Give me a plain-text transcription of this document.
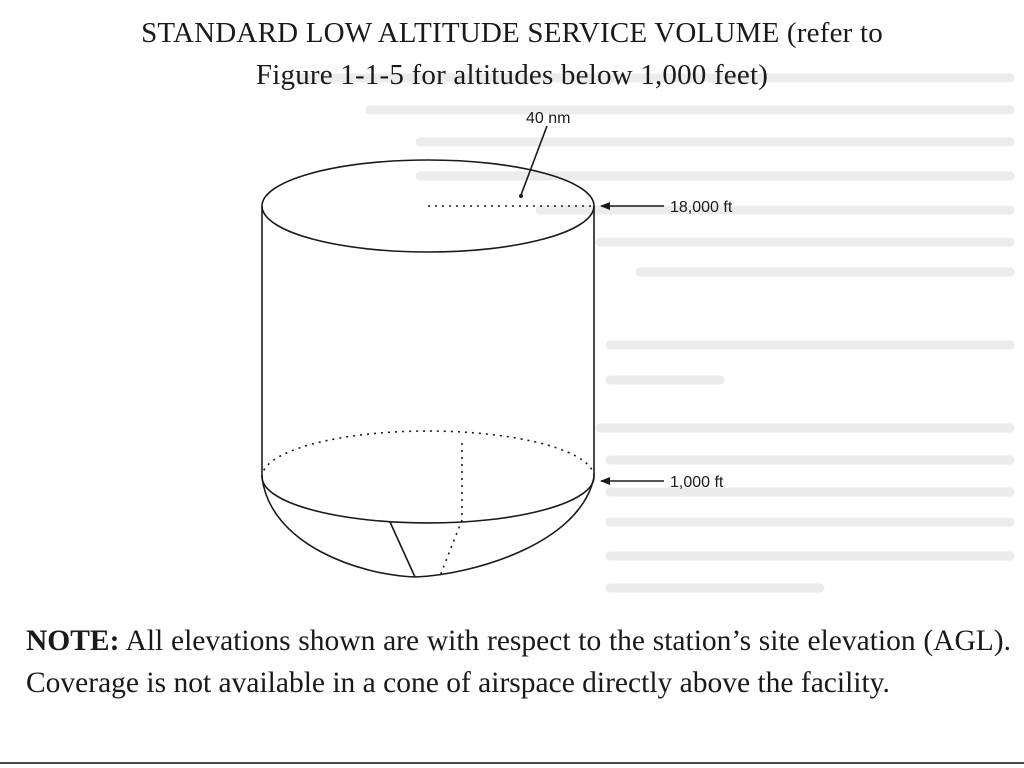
STANDARD LOW ALTITUDE SERVICE VOLUME (refer to
Figure 1-1-5 for altitudes below 1,000 feet)
40 nm
18,000 ft
1,000 ft
NOTE: All elevations shown are with respect to the station’s site elevation (AGL). Coverage is not available in a cone of airspace directly above the facility.
